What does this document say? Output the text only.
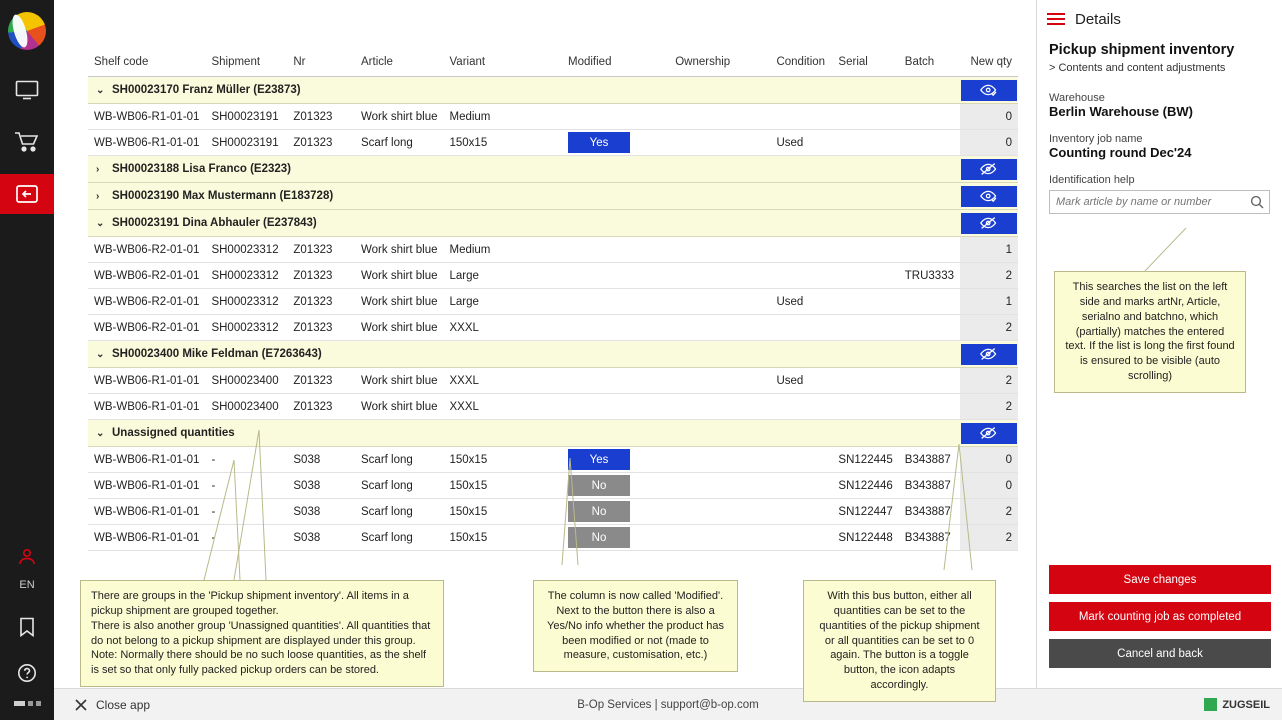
EN
Shelf code	Shipment	Nr	Article	Variant	Modified	Ownership	Condition	Serial	Batch	New qty
⌄ SH00023170 Franz Müller (E23873)	

WB-WB06-R1-01-01	SH00023191	Z01323	Work shirt blue	Medium						0
WB-WB06-R1-01-01	SH00023191	Z01323	Scarf long	150x15	Yes		Used			0
› SH00023188 Lisa Franco (E2323)	

› SH00023190 Max Mustermann (E183728)	

⌄ SH00023191 Dina Abhauler (E237843)	

WB-WB06-R2-01-01	SH00023312	Z01323	Work shirt blue	Medium						1
WB-WB06-R2-01-01	SH00023312	Z01323	Work shirt blue	Large					TRU3333	2
WB-WB06-R2-01-01	SH00023312	Z01323	Work shirt blue	Large			Used			1
WB-WB06-R2-01-01	SH00023312	Z01323	Work shirt blue	XXXL						2
⌄ SH00023400 Mike Feldman (E7263643)	

WB-WB06-R1-01-01	SH00023400	Z01323	Work shirt blue	XXXL			Used			2
WB-WB06-R1-01-01	SH00023400	Z01323	Work shirt blue	XXXL						2
⌄ Unassigned quantities	

WB-WB06-R1-01-01	-	S038	Scarf long	150x15	Yes			SN122445	B343887	0
WB-WB06-R1-01-01	-	S038	Scarf long	150x15	No			SN122446	B343887	0
WB-WB06-R1-01-01	-	S038	Scarf long	150x15	No			SN122447	B343887	2
WB-WB06-R1-01-01	-	S038	Scarf long	150x15	No			SN122448	B343887	2
Details
Pickup shipment inventory
> Contents and content adjustments
Warehouse
Berlin Warehouse (BW)
Inventory job name
Counting round Dec'24
Identification help
Mark article by name or number
Save changes
Mark counting job as completed
Cancel and back
This searches the list on the left side and marks artNr, Article, serialno and batchno, which (partially) matches the entered text. If the list is long the first found is ensured to be visible (auto scrolling)
There are groups in the 'Pickup shipment inventory'. All items in a pickup shipment are grouped together.
There is also another group 'Unassigned quantities'. All quantities that do not belong to a pickup shipment are displayed under this group.
Note: Normally there should be no such loose quantities, as the shelf is set so that only fully packed pickup orders can be stored.
The column is now called 'Modified'. Next to the button there is also a Yes/No info whether the product has been modified or not (made to measure, customisation, etc.)
With this bus button, either all quantities can be set to the quantities of the pickup shipment or all quantities can be set to 0 again. The button is a toggle button, the icon adapts accordingly.
Close app	B-Op Services | support@b-op.com	ZUGSEIL
